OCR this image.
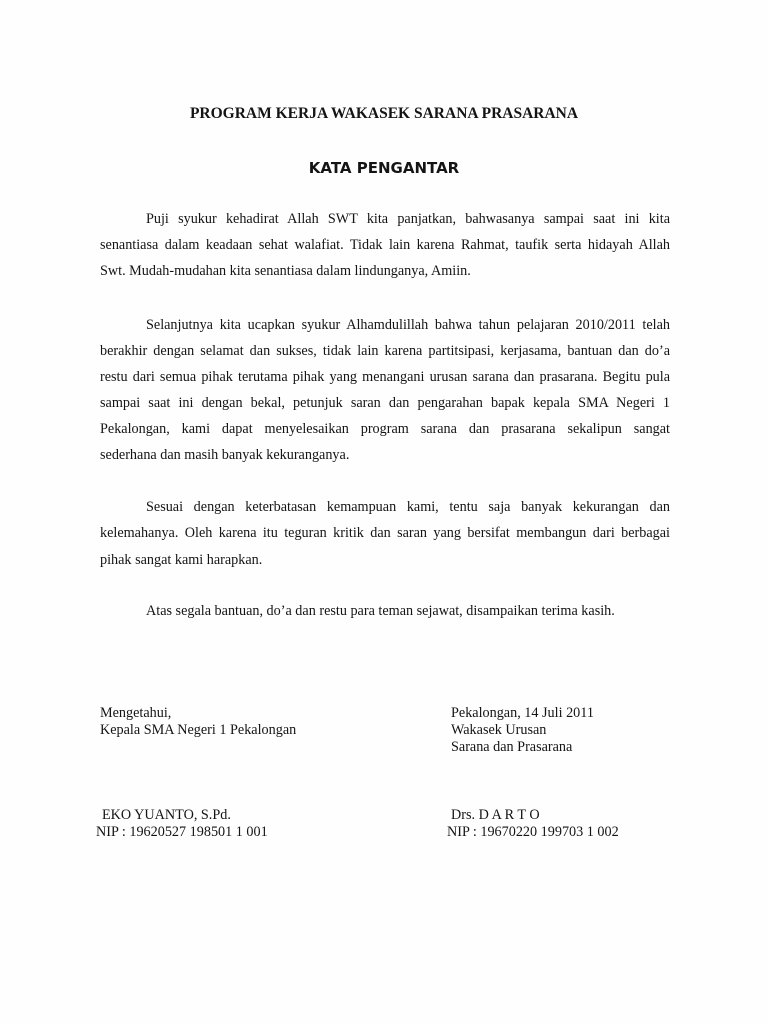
PROGRAM KERJA WAKASEK SARANA PRASARANA
KATA PENGANTAR
Puji syukur kehadirat Allah SWT kita panjatkan, bahwasanya sampai saat ini kita
senantiasa dalam keadaan sehat walafiat. Tidak lain karena Rahmat, taufik serta hidayah Allah
Swt. Mudah-mudahan kita senantiasa dalam lindunganya, Amiin.
Selanjutnya kita ucapkan syukur Alhamdulillah bahwa tahun pelajaran 2010/2011 telah
berakhir dengan selamat dan sukses, tidak lain karena partitsipasi, kerjasama, bantuan dan do’a
restu dari semua pihak terutama pihak yang menangani urusan sarana dan prasarana. Begitu pula
sampai saat ini dengan bekal, petunjuk saran dan pengarahan bapak kepala SMA Negeri 1
Pekalongan, kami dapat menyelesaikan program sarana dan prasarana sekalipun sangat
sederhana dan masih banyak kekuranganya.
Sesuai dengan keterbatasan kemampuan kami, tentu saja banyak kekurangan dan
kelemahanya. Oleh karena itu teguran kritik dan saran yang bersifat membangun dari berbagai
pihak sangat kami harapkan.
Atas segala bantuan, do’a dan restu para teman sejawat, disampaikan terima kasih.
Mengetahui,
Kepala SMA Negeri 1 Pekalongan
EKO YUANTO, S.Pd.
NIP : 19620527 198501 1 001
Pekalongan, 14 Juli 2011
Wakasek Urusan
Sarana dan Prasarana
Drs. D A R T O
NIP : 19670220 199703 1 002
